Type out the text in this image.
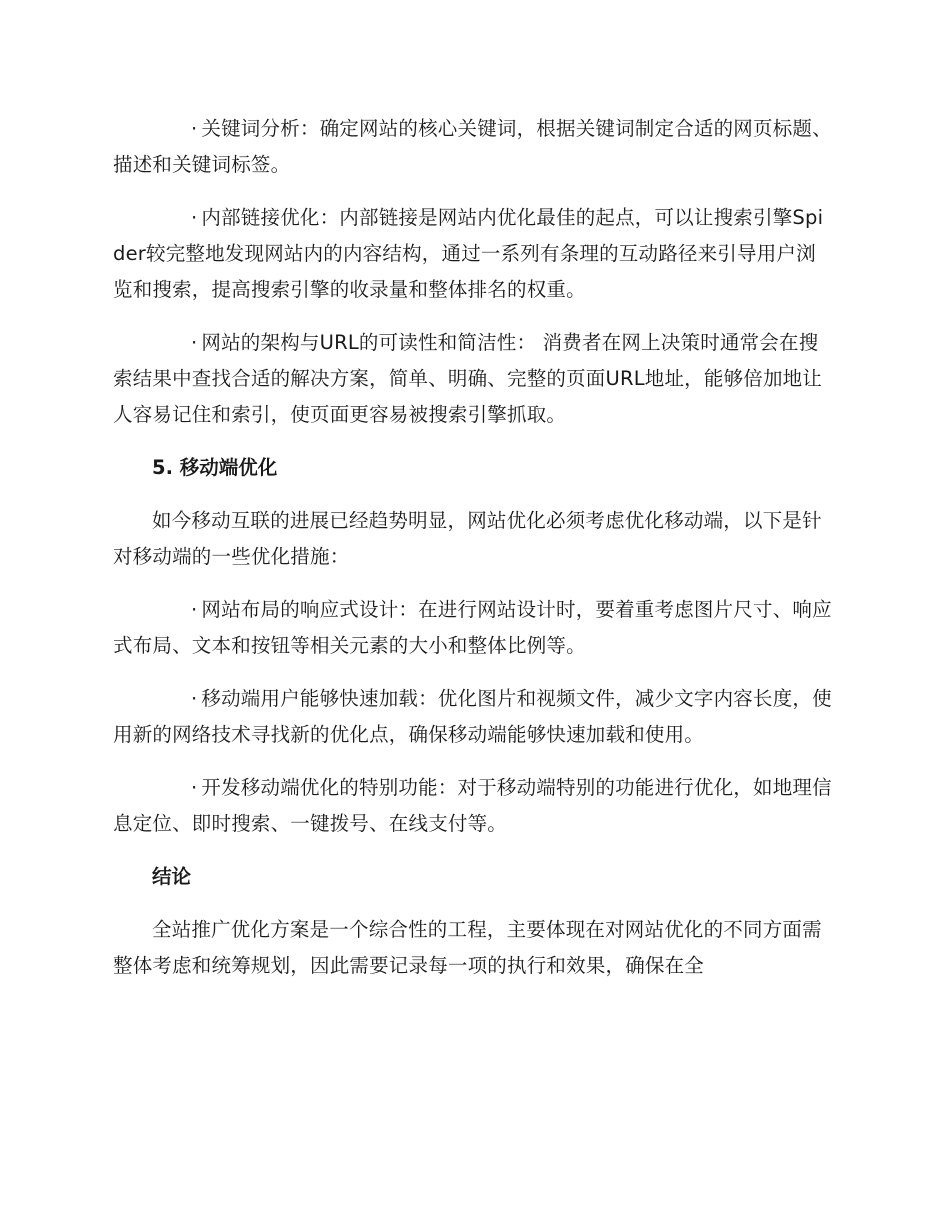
· 关键词分析：确定网站的核心关键词，根据关键词制定合适的网页标题、描述和关键词标签。

· 内部链接优化：内部链接是网站内优化最佳的起点，可以让搜索引擎Spider较完整地发现网站内的内容结构，通过一系列有条理的互动路径来引导用户浏览和搜索，提高搜索引擎的收录量和整体排名的权重。

· 网站的架构与URL的可读性和简洁性： 消费者在网上决策时通常会在搜索结果中查找合适的解决方案，简单、明确、完整的页面URL地址，能够倍加地让人容易记住和索引，使页面更容易被搜索引擎抓取。

5. 移动端优化

如今移动互联的进展已经趋势明显，网站优化必须考虑优化移动端，以下是针对移动端的一些优化措施：

· 网站布局的响应式设计：在进行网站设计时，要着重考虑图片尺寸、响应式布局、文本和按钮等相关元素的大小和整体比例等。

· 移动端用户能够快速加载：优化图片和视频文件，减少文字内容长度，使用新的网络技术寻找新的优化点，确保移动端能够快速加载和使用。

· 开发移动端优化的特别功能：对于移动端特别的功能进行优化，如地理信息定位、即时搜索、一键拨号、在线支付等。

结论

全站推广优化方案是一个综合性的工程，主要体现在对网站优化的不同方面需整体考虑和统筹规划，因此需要记录每一项的执行和效果，确保在全
